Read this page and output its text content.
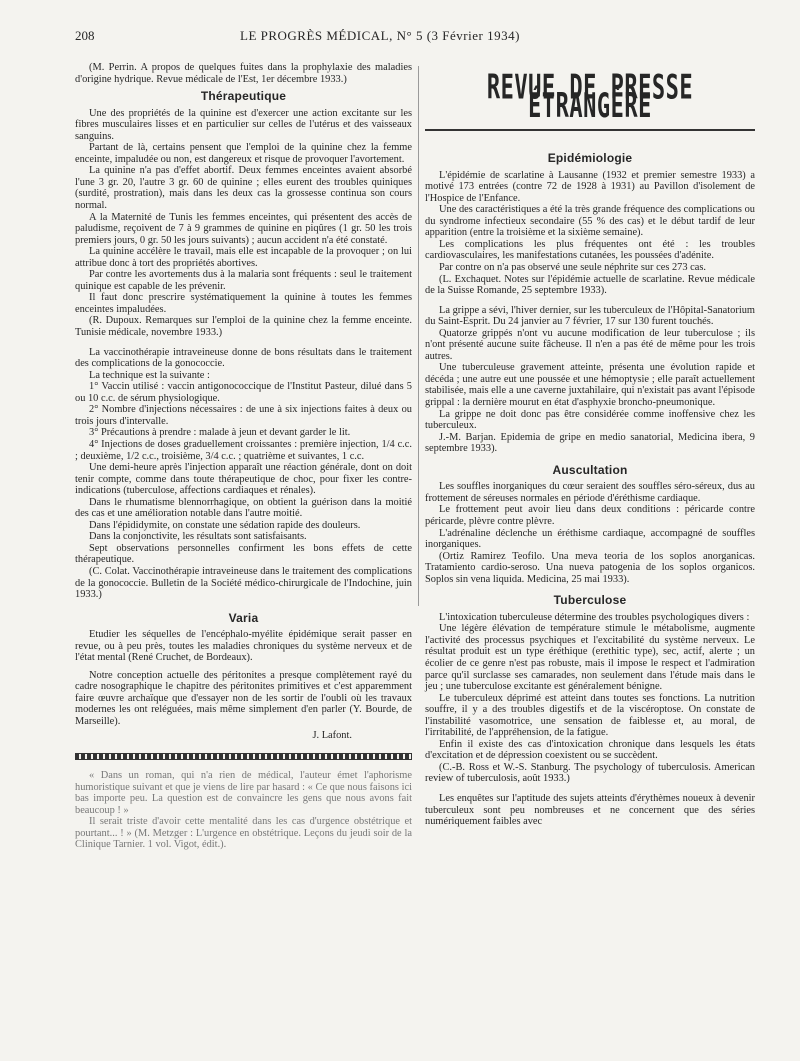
208	LE PROGRÈS MÉDICAL, N° 5 (3 Février 1934)

(M. Perrin. A propos de quelques fuites dans la prophylaxie des maladies d'origine hydrique. Revue médicale de l'Est, 1er décembre 1933.)

Thérapeutique

Une des propriétés de la quinine est d'exercer une action excitante sur les fibres musculaires lisses et en particulier sur celles de l'utérus et des vaisseaux sanguins.

Partant de là, certains pensent que l'emploi de la quinine chez la femme enceinte, impaludée ou non, est dangereux et risque de provoquer l'avortement.

La quinine n'a pas d'effet abortif. Deux femmes enceintes avaient absorbé l'une 3 gr. 20, l'autre 3 gr. 60 de quinine ; elles eurent des troubles quiniques (surdité, prostration), mais dans les deux cas la grossesse continua son cours normal.

A la Maternité de Tunis les femmes enceintes, qui présentent des accès de paludisme, reçoivent de 7 à 9 grammes de quinine en piqûres (1 gr. 50 les trois premiers jours, 0 gr. 50 les jours suivants) ; aucun accident n'a été constaté.

La quinine accélère le travail, mais elle est incapable de la provoquer ; on lui attribue donc à tort des propriétés abortives.

Par contre les avortements dus à la malaria sont fréquents : seul le traitement quinique est capable de les prévenir.

Il faut donc prescrire systématiquement la quinine à toutes les femmes enceintes impaludées.

(R. Dupoux. Remarques sur l'emploi de la quinine chez la femme enceinte. Tunisie médicale, novembre 1933.)

La vaccinothérapie intraveineuse donne de bons résultats dans le traitement des complications de la gonococcie.

La technique est la suivante :

1° Vaccin utilisé : vaccin antigonococcique de l'Institut Pasteur, dilué dans 5 ou 10 c.c. de sérum physiologique.

2° Nombre d'injections nécessaires : de une à six injections faites à deux ou trois jours d'intervalle.

3° Précautions à prendre : malade à jeun et devant garder le lit.

4° Injections de doses graduellement croissantes : première injection, 1/4 c.c. ; deuxième, 1/2 c.c., troisième, 3/4 c.c. ; quatrième et suivantes, 1 c.c.

Une demi-heure après l'injection apparaît une réaction générale, dont on doit tenir compte, comme dans toute thérapeutique de choc, pour fixer les contre-indications (tuberculose, affections cardiaques et rénales).

Dans le rhumatisme blennorrhagique, on obtient la guérison dans la moitié des cas et une amélioration notable dans l'autre moitié.

Dans l'épididymite, on constate une sédation rapide des douleurs.

Dans la conjonctivite, les résultats sont satisfaisants.

Sept observations personnelles confirment les bons effets de cette thérapeutique.

(C. Colat. Vaccinothérapie intraveineuse dans le traitement des complications de la gonococcie. Bulletin de la Société médico-chirurgicale de l'Indochine, juin 1933.)

Varia

Etudier les séquelles de l'encéphalo-myélite épidémique serait passer en revue, ou à peu près, toutes les maladies chroniques du système nerveux et de l'état mental (René Cruchet, de Bordeaux).

Notre conception actuelle des péritonites a presque complètement rayé du cadre nosographique le chapitre des péritonites primitives et c'est apparemment faire œuvre archaïque que d'essayer non de les sortir de l'oubli où les travaux modernes les ont reléguées, mais même simplement d'en parler (Y. Bourde, de Marseille).

J. Lafont.

« Dans un roman, qui n'a rien de médical, l'auteur émet l'aphorisme humoristique suivant et que je viens de lire par hasard : « Ce que nous faisons ici bas importe peu. La question est de convaincre les gens que nous avons fait beaucoup ! »

Il serait triste d'avoir cette mentalité dans les cas d'urgence obstétrique et pourtant... ! » (M. Metzger : L'urgence en obstétrique. Leçons du jeudi soir de la Clinique Tarnier. 1 vol. Vigot, édit.).

REVUE DE PRESSE ÉTRANGÈRE
Epidémiologie

L'épidémie de scarlatine à Lausanne (1932 et premier semestre 1933) a motivé 173 entrées (contre 72 de 1928 à 1931) au Pavillon d'isolement de l'Hospice de l'Enfance.

Une des caractéristiques a été la très grande fréquence des complications ou du syndrome infectieux secondaire (55 % des cas) et le début tardif de leur apparition (entre la troisième et la sixième semaine).

Les complications les plus fréquentes ont été : les troubles cardiovasculaires, les manifestations cutanées, les poussées d'adénite.

Par contre on n'a pas observé une seule néphrite sur ces 273 cas.

(L. Exchaquet. Notes sur l'épidémie actuelle de scarlatine. Revue médicale de la Suisse Romande, 25 septembre 1933).

La grippe a sévi, l'hiver dernier, sur les tuberculeux de l'Hôpital-Sanatorium du Saint-Esprit. Du 24 janvier au 7 février, 17 sur 130 furent touchés.

Quatorze grippés n'ont vu aucune modification de leur tuberculose ; ils n'ont présenté aucune suite fâcheuse. Il n'en a pas été de même pour les trois autres.

Une tuberculeuse gravement atteinte, présenta une évolution rapide et décéda ; une autre eut une poussée et une hémoptysie ; elle paraît actuellement stabilisée, mais elle a une caverne juxtahilaire, qui n'existait pas avant l'épisode grippal : la dernière mourut en état d'asphyxie broncho-pneumonique.

La grippe ne doit donc pas être considérée comme inoffensive chez les tuberculeux.

J.-M. Barjan. Epidemia de gripe en medio sanatorial, Medicina ibera, 9 septembre 1933).

Auscultation

Les souffles inorganiques du cœur seraient des souffles séro-séreux, dus au frottement de séreuses normales en période d'éréthisme cardiaque.

Le frottement peut avoir lieu dans deux conditions : péricarde contre péricarde, plèvre contre plèvre.

L'adrénaline déclenche un éréthisme cardiaque, accompagné de souffles inorganiques.

(Ortiz Ramirez Teofilo. Una meva teoria de los soplos anorganicas. Tratamiento cardio-seroso. Una nueva patogenia de los soplos organicos. Soplos sin vena liquida. Medicina, 25 mai 1933).

Tuberculose

L'intoxication tuberculeuse détermine des troubles psychologiques divers :

Une légère élévation de température stimule le métabolisme, augmente l'activité des processus psychiques et l'excitabilité du système nerveux. Le résultat produit est un type éréthique (erethitic type), sec, actif, alerte ; un écolier de ce genre n'est pas robuste, mais il impose le respect et l'admiration parce qu'il surclasse ses camarades, non seulement dans l'étude mais dans le jeu ; une tuberculose excitante est généralement bénigne.

Le tuberculeux déprimé est atteint dans toutes ses fonctions. La nutrition souffre, il y a des troubles digestifs et de la viscéroptose. On constate de l'instabilité vasomotrice, une sensation de faiblesse et, au moral, de l'irritabilité, de l'appréhension, de la fatigue.

Enfin il existe des cas d'intoxication chronique dans lesquels les états d'excitation et de dépression coexistent ou se succèdent.

(C.-B. Ross et W.-S. Stanburg. The psychology of tuberculosis. American review of tuberculosis, août 1933.)

Les enquêtes sur l'aptitude des sujets atteints d'érythèmes noueux à devenir tuberculeux sont peu nombreuses et ne concernent que des séries numériquement faibles avec
